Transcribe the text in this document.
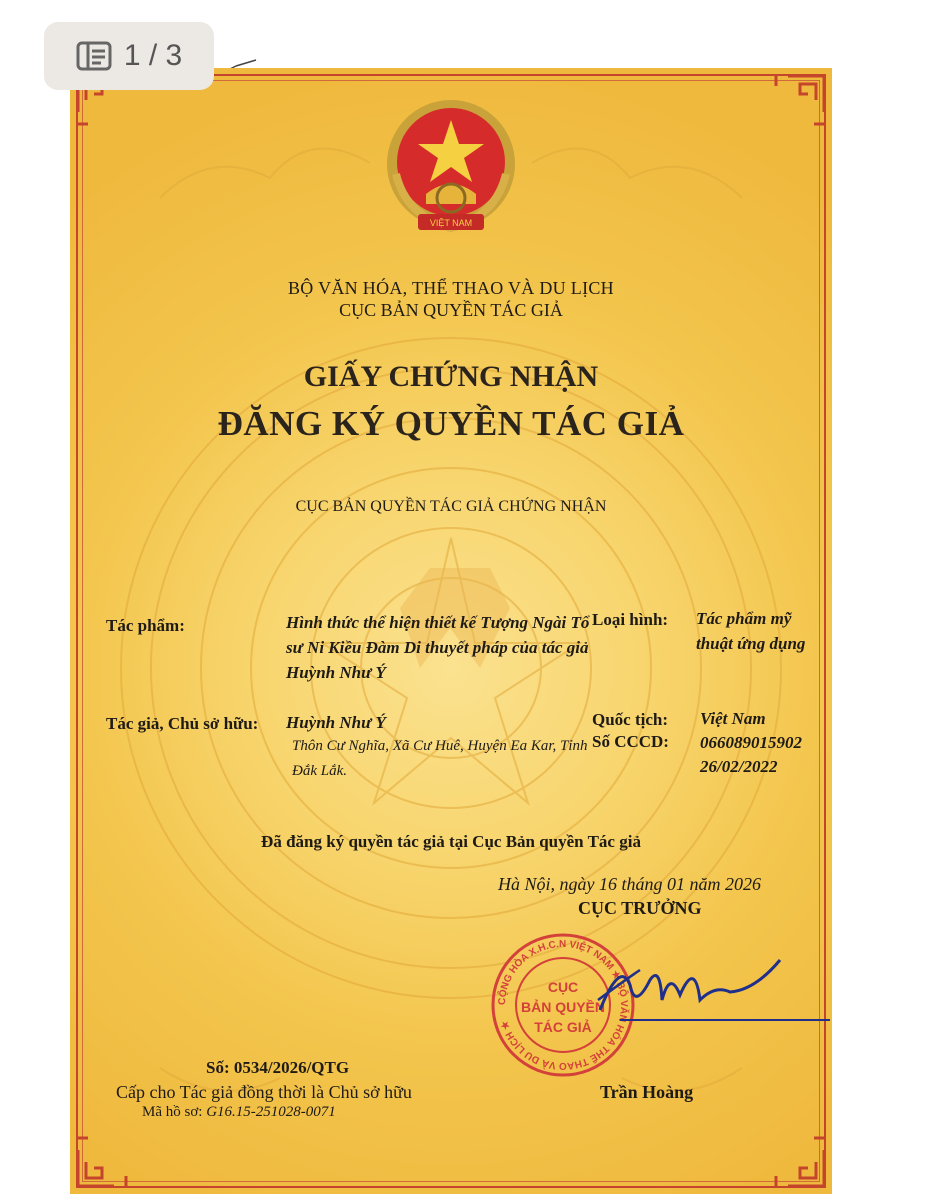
1 / 3
VIỆT NAM
BỘ VĂN HÓA, THỂ THAO VÀ DU LỊCH
CỤC BẢN QUYỀN TÁC GIẢ
GIẤY CHỨNG NHẬN
ĐĂNG KÝ QUYỀN TÁC GIẢ
CỤC BẢN QUYỀN TÁC GIẢ CHỨNG NHẬN
Tác phẩm:	Hình thức thể hiện thiết kế Tượng Ngài Tổ sư Ni Kiều Đàm Di thuyết pháp của tác giả Huỳnh Như Ý
Loại hình: Tác phẩm mỹ thuật ứng dụng
Tác giả, Chủ sở hữu: Huỳnh Như Ý
Thôn Cư Nghĩa, Xã Cư Huê, Huyện Ea Kar, Tỉnh Đắk Lắk.
Quốc tịch: Việt Nam
Số CCCD: 066089015902
26/02/2022
Đã đăng ký quyền tác giả tại Cục Bản quyền Tác giả
Hà Nội, ngày 16 tháng 01 năm 2026
CỤC TRƯỞNG
CỘNG HÒA X.H.C.N VIỆT NAM ★ BỘ VĂN HÓA THỂ THAO VÀ DU LỊCH ★
CỤC
BẢN QUYỀN
TÁC GIẢ
Số: 0534/2026/QTG
Cấp cho Tác giả đồng thời là Chủ sở hữu
Mã hồ sơ: G16.15-251028-0071
Trần Hoàng
